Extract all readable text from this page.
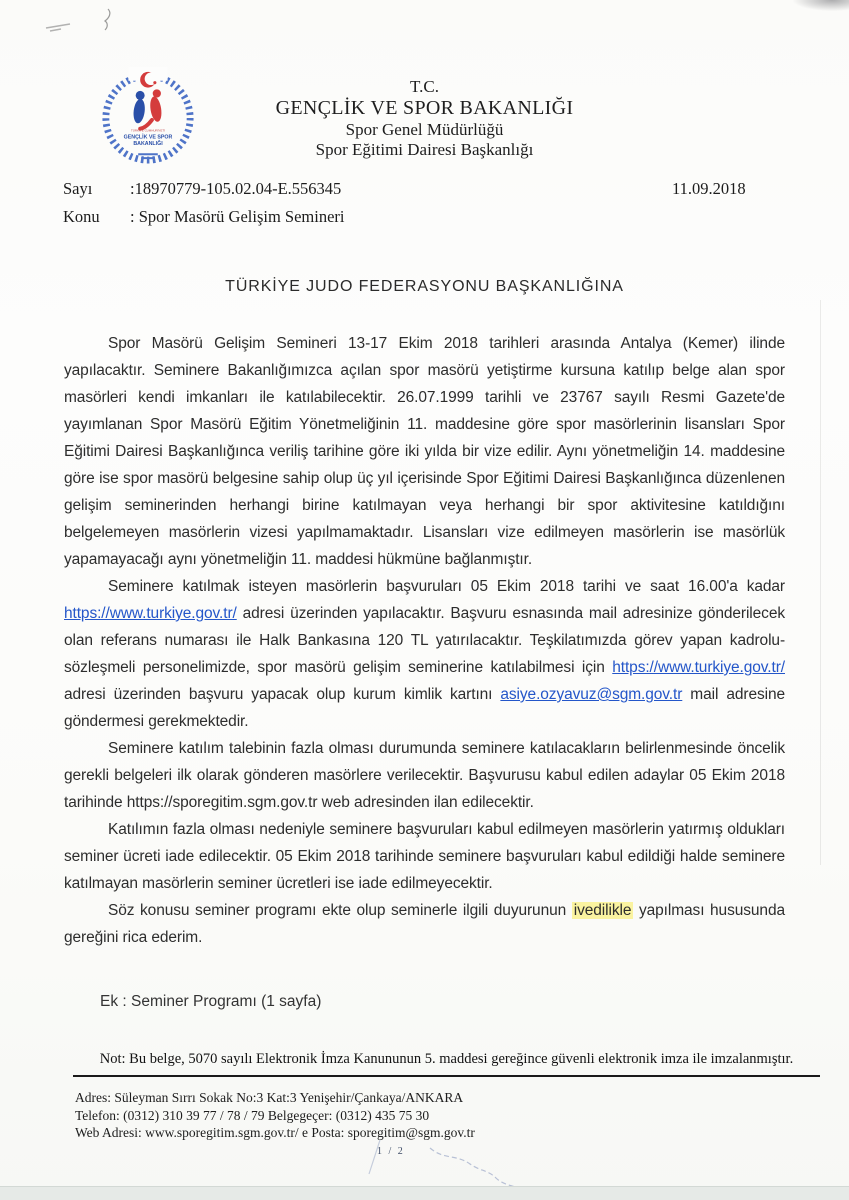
TÜRKİYE CUMHURİYETİ
GENÇLİK VE SPOR
BAKANLIĞI
T.C.
GENÇLİK VE SPOR BAKANLIĞI
Spor Genel Müdürlüğü
Spor Eğitimi Dairesi Başkanlığı
Sayı	:18970779-105.02.04-E.556345
Konu	: Spor Masörü Gelişim Semineri
11.09.2018
TÜRKİYE JUDO FEDERASYONU BAŞKANLIĞINA

Spor Masörü Gelişim Semineri 13-17 Ekim 2018 tarihleri arasında Antalya (Kemer) ilinde yapılacaktır. Seminere Bakanlığımızca açılan spor masörü yetiştirme kursuna katılıp belge alan spor masörleri kendi imkanları ile katılabilecektir. 26.07.1999 tarihli ve 23767 sayılı Resmi Gazete'de yayımlanan Spor Masörü Eğitim Yönetmeliğinin 11. maddesine göre spor masörlerinin lisansları Spor Eğitimi Dairesi Başkanlığınca veriliş tarihine göre iki yılda bir vize edilir. Aynı yönetmeliğin 14. maddesine göre ise spor masörü belgesine sahip olup üç yıl içerisinde Spor Eğitimi Dairesi Başkanlığınca düzenlenen gelişim seminerinden herhangi birine katılmayan veya herhangi bir spor aktivitesine katıldığını belgelemeyen masörlerin vizesi yapılmamaktadır. Lisansları vize edilmeyen masörlerin ise masörlük yapamayacağı aynı yönetmeliğin 11. maddesi hükmüne bağlanmıştır.

Seminere katılmak isteyen masörlerin başvuruları 05 Ekim 2018 tarihi ve saat 16.00'a kadar https://www.turkiye.gov.tr/ adresi üzerinden yapılacaktır. Başvuru esnasında mail adresinize gönderilecek olan referans numarası ile Halk Bankasına 120 TL yatırılacaktır. Teşkilatımızda görev yapan kadrolu-sözleşmeli personelimizde, spor masörü gelişim seminerine katılabilmesi için https://www.turkiye.gov.tr/ adresi üzerinden başvuru yapacak olup kurum kimlik kartını asiye.ozyavuz@sgm.gov.tr mail adresine göndermesi gerekmektedir.

Seminere katılım talebinin fazla olması durumunda seminere katılacakların belirlenmesinde öncelik gerekli belgeleri ilk olarak gönderen masörlere verilecektir. Başvurusu kabul edilen adaylar 05 Ekim 2018 tarihinde https://sporegitim.sgm.gov.tr web adresinden ilan edilecektir.

Katılımın fazla olması nedeniyle seminere başvuruları kabul edilmeyen masörlerin yatırmış oldukları seminer ücreti iade edilecektir. 05 Ekim 2018 tarihinde seminere başvuruları kabul edildiği halde seminere katılmayan masörlerin seminer ücretleri ise iade edilmeyecektir.

Söz konusu seminer programı ekte olup seminerle ilgili duyurunun ivedilikle yapılması hususunda gereğini rica ederim.

Ek : Seminer Programı (1 sayfa)
Not: Bu belge, 5070 sayılı Elektronik İmza Kanununun 5. maddesi gereğince güvenli elektronik imza ile imzalanmıştır.
Adres: Süleyman Sırrı Sokak No:3 Kat:3 Yenişehir/Çankaya/ANKARA
Telefon: (0312) 310 39 77 / 78 / 79 Belgegeçer: (0312) 435 75 30
Web Adresi: www.sporegitim.sgm.gov.tr/ e Posta: sporegitim@sgm.gov.tr
1 / 2
